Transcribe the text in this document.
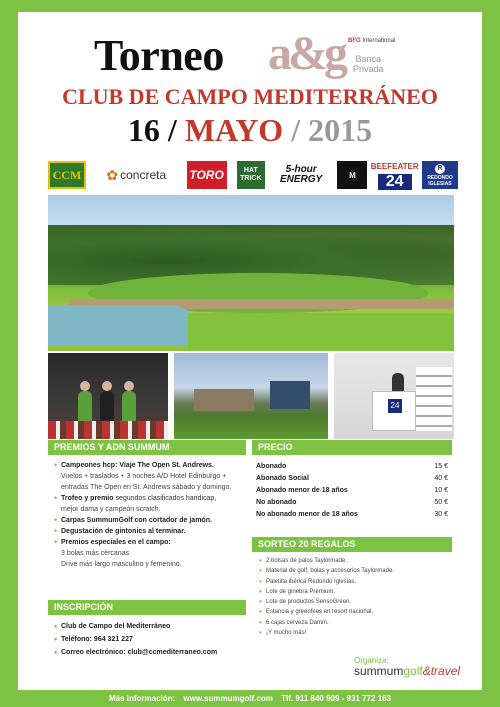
Torneo a&g BFG International
Banca
Privada
CLUB DE CAMPO MEDITERRÁNEO
16 / MAYO / 2015
CCM	✿ concreta	TORO	HAT
TRICK
5-hour
ENERGY	M
BEEFEATER
24
R
REDONDO
IGLESIAS
24
PREMIOS Y ADN SUMMUM	PRECIO
SORTEO 20 REGALOS
INSCRIPCIÓN
• Campeones hcp: Viaje The Open St. Andrews.
Vuelos + traslados + 3 noches A/D Hotel Edinburgo +
entradas The Open en St. Andrews sábado y domingo.
• Trofeo y premio segundos clasificados handicap,
mejor dama y campeón scratch.
• Carpas SummumGolf con cortador de jamón.
• Degustación de gintonics al terminar.
• Premios especiales en el campo:
3 bolas más cercanas
Drive más largo masculino y femenino.
Abonado	15 €
Abonado Social	40 €
Abonado menor de 18 años	10 €
No abonado	50 €
No abonado menor de 18 años	30 €
• 2 bolsas de palos Taylormade.
• Material de golf, bolas y accesorios Taylormade.
• Paletilla ibérica Redondo Iglesias.
• Lote de ginebra Premium.
• Lote de productos SensoGreen.
• Estancia y greenfees en resort nacional.
• 6 cajas cerveza Damm.
• ¡Y mucho más!
• Club de Campo del Mediterráneo
• Teléfono: 964 321 227
• Correo electrónico: club@ccmediterraneo.com
Organiza:
summumgolf&travel
Más información: www.summumgolf.com Tlf. 911 840 909 - 931 772 163
